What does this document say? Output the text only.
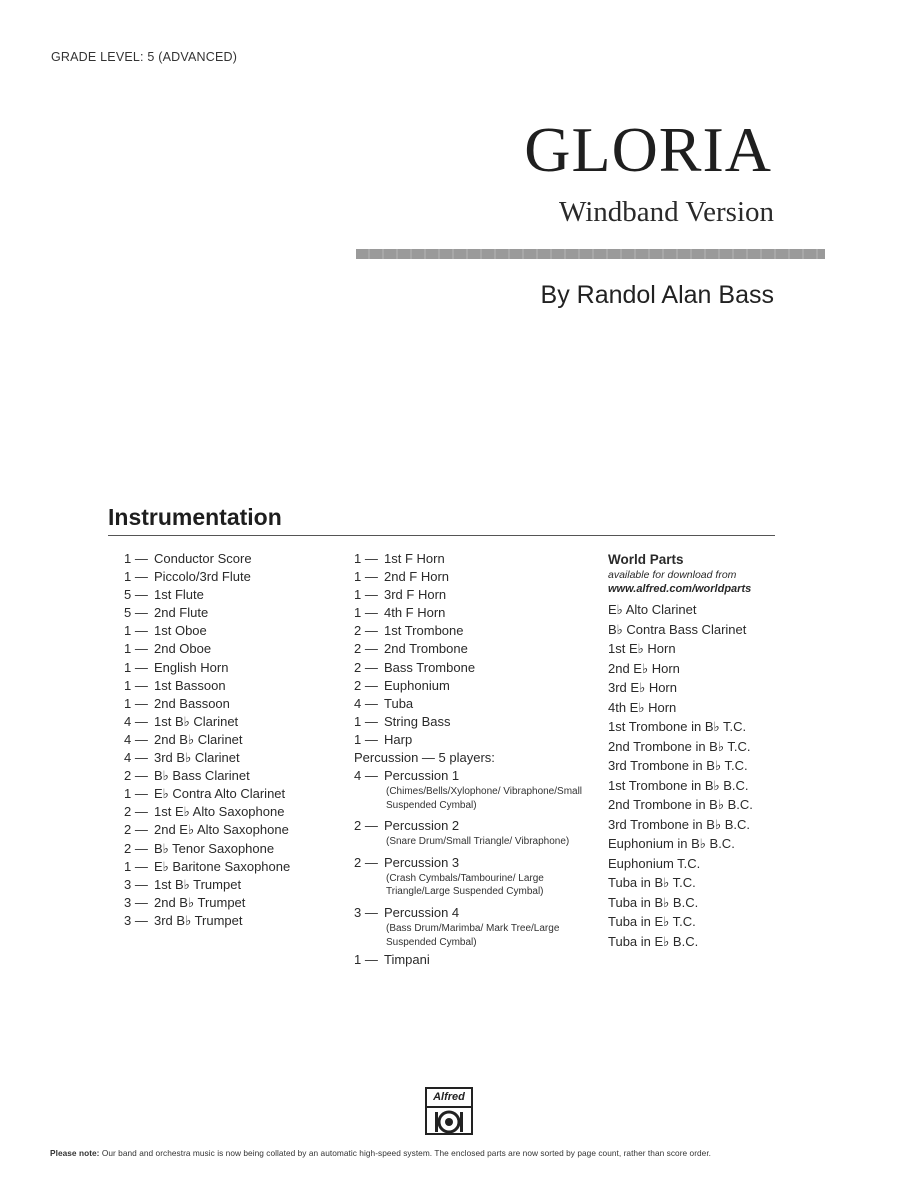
GRADE LEVEL: 5 (ADVANCED)
GLORIA
Windband Version
By Randol Alan Bass
Instrumentation
1 — Conductor Score
1 — Piccolo/3rd Flute
5 — 1st Flute
5 — 2nd Flute
1 — 1st Oboe
1 — 2nd Oboe
1 — English Horn
1 — 1st Bassoon
1 — 2nd Bassoon
4 — 1st B♭ Clarinet
4 — 2nd B♭ Clarinet
4 — 3rd B♭ Clarinet
2 — B♭ Bass Clarinet
1 — E♭ Contra Alto Clarinet
2 — 1st E♭ Alto Saxophone
2 — 2nd E♭ Alto Saxophone
2 — B♭ Tenor Saxophone
1 — E♭ Baritone Saxophone
3 — 1st B♭ Trumpet
3 — 2nd B♭ Trumpet
3 — 3rd B♭ Trumpet
1 — 1st F Horn
1 — 2nd F Horn
1 — 3rd F Horn
1 — 4th F Horn
2 — 1st Trombone
2 — 2nd Trombone
2 — Bass Trombone
2 — Euphonium
4 — Tuba
1 — String Bass
1 — Harp
Percussion — 5 players:
4 — Percussion 1
(Chimes/Bells/Xylophone/ Vibraphone/Small Suspended Cymbal)
2 — Percussion 2
(Snare Drum/Small Triangle/ Vibraphone)
2 — Percussion 3
(Crash Cymbals/Tambourine/ Large Triangle/Large Suspended Cymbal)
3 — Percussion 4
(Bass Drum/Marimba/ Mark Tree/Large Suspended Cymbal)
1 — Timpani
World Parts
available for download from
www.alfred.com/worldparts
E♭ Alto Clarinet
B♭ Contra Bass Clarinet
1st E♭ Horn
2nd E♭ Horn
3rd E♭ Horn
4th E♭ Horn
1st Trombone in B♭ T.C.
2nd Trombone in B♭ T.C.
3rd Trombone in B♭ T.C.
1st Trombone in B♭ B.C.
2nd Trombone in B♭ B.C.
3rd Trombone in B♭ B.C.
Euphonium in B♭ B.C.
Euphonium T.C.
Tuba in B♭ T.C.
Tuba in B♭ B.C.
Tuba in E♭ T.C.
Tuba in E♭ B.C.
Alfred
Please note: Our band and orchestra music is now being collated by an automatic high-speed system. The enclosed parts are now sorted by page count, rather than score order.
